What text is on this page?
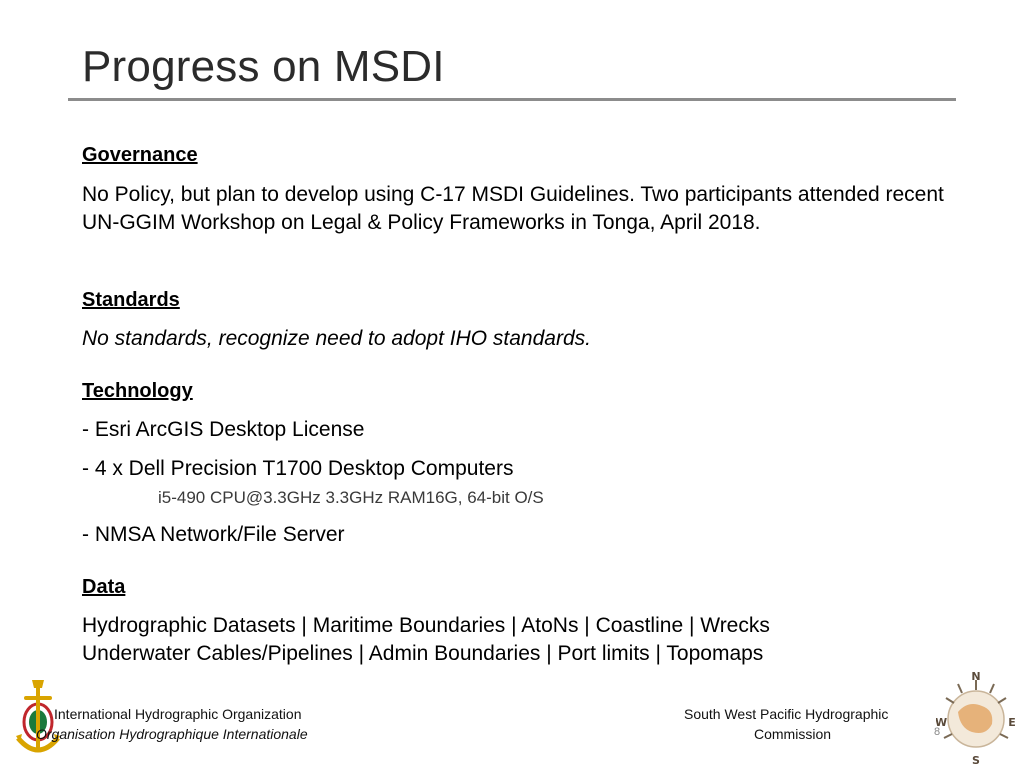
Progress on MSDI
Governance
No Policy, but plan to develop using C-17 MSDI Guidelines. Two participants attended recent UN-GGIM Workshop on Legal & Policy Frameworks in Tonga, April 2018.
Standards
No standards, recognize need to adopt IHO standards.
Technology
- Esri ArcGIS Desktop License
- 4 x Dell Precision T1700 Desktop Computers
i5-490 CPU@3.3GHz 3.3GHz RAM16G, 64-bit O/S
- NMSA Network/File Server
Data
Hydrographic Datasets | Maritime Boundaries | AtoNs | Coastline | Wrecks
Underwater Cables/Pipelines | Admin Boundaries | Port limits | Topomaps
International Hydrographic Organization
Organisation Hydrographique Internationale
South West Pacific Hydrographic
Commission	8
N
E
S
W
